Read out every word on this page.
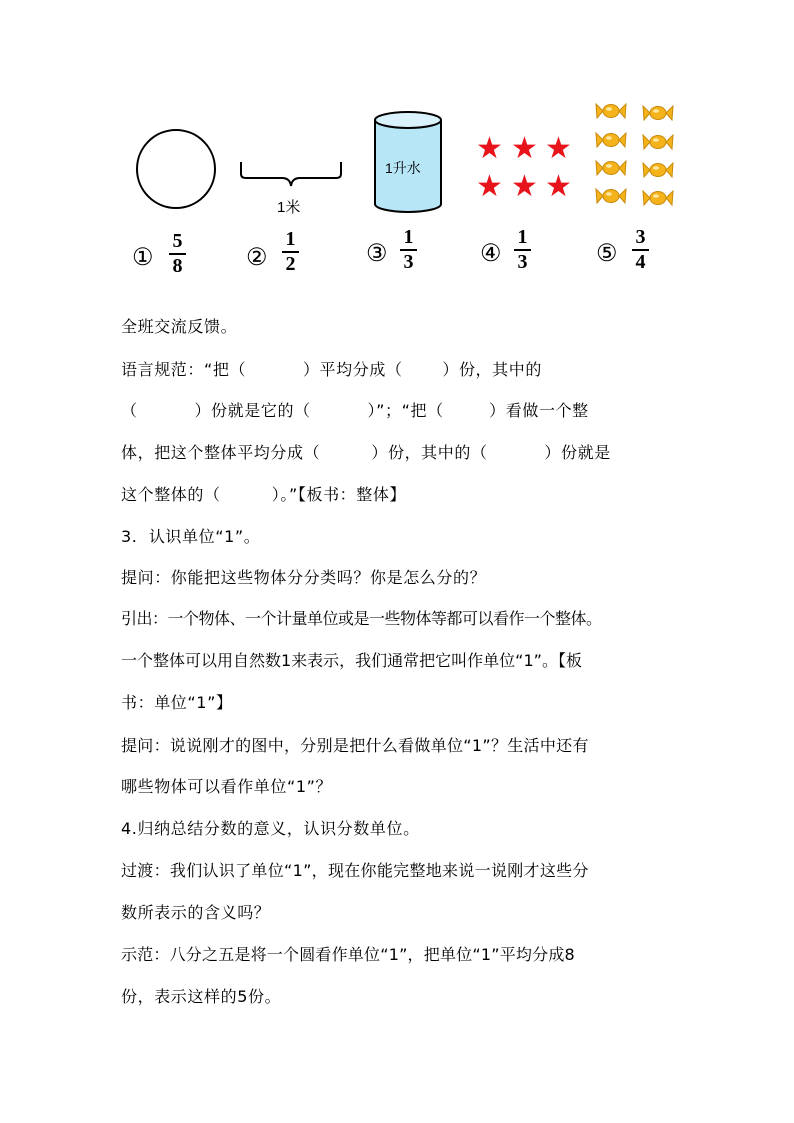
1米
1升水
★ ★ ★
★ ★ ★
①
5
8	②
1
2	③
1
3	④
1
3	⑤
3
4
全班交流反馈。
语言规范：“把（          ）平均分成（       ）份，其中的
（          ）份就是它的（          ）”；“把（        ）看做一个整
体，把这个整体平均分成（         ）份，其中的（          ）份就是
这个整体的（         ）。”【板书：整体】
3.  认识单位“1”。
提问：你能把这些物体分分类吗？你是怎么分的？
引出：一个物体、一个计量单位或是一些物体等都可以看作一个整体。
一个整体可以用自然数1来表示，我们通常把它叫作单位“1”。【板
书：单位“1”】
提问：说说刚才的图中，分别是把什么看做单位“1”？生活中还有
哪些物体可以看作单位“1”？
4.归纳总结分数的意义，认识分数单位。
过渡：我们认识了单位“1”，现在你能完整地来说一说刚才这些分
数所表示的含义吗？
示范：八分之五是将一个圆看作单位“1”，把单位“1”平均分成8
份，表示这样的5份。
